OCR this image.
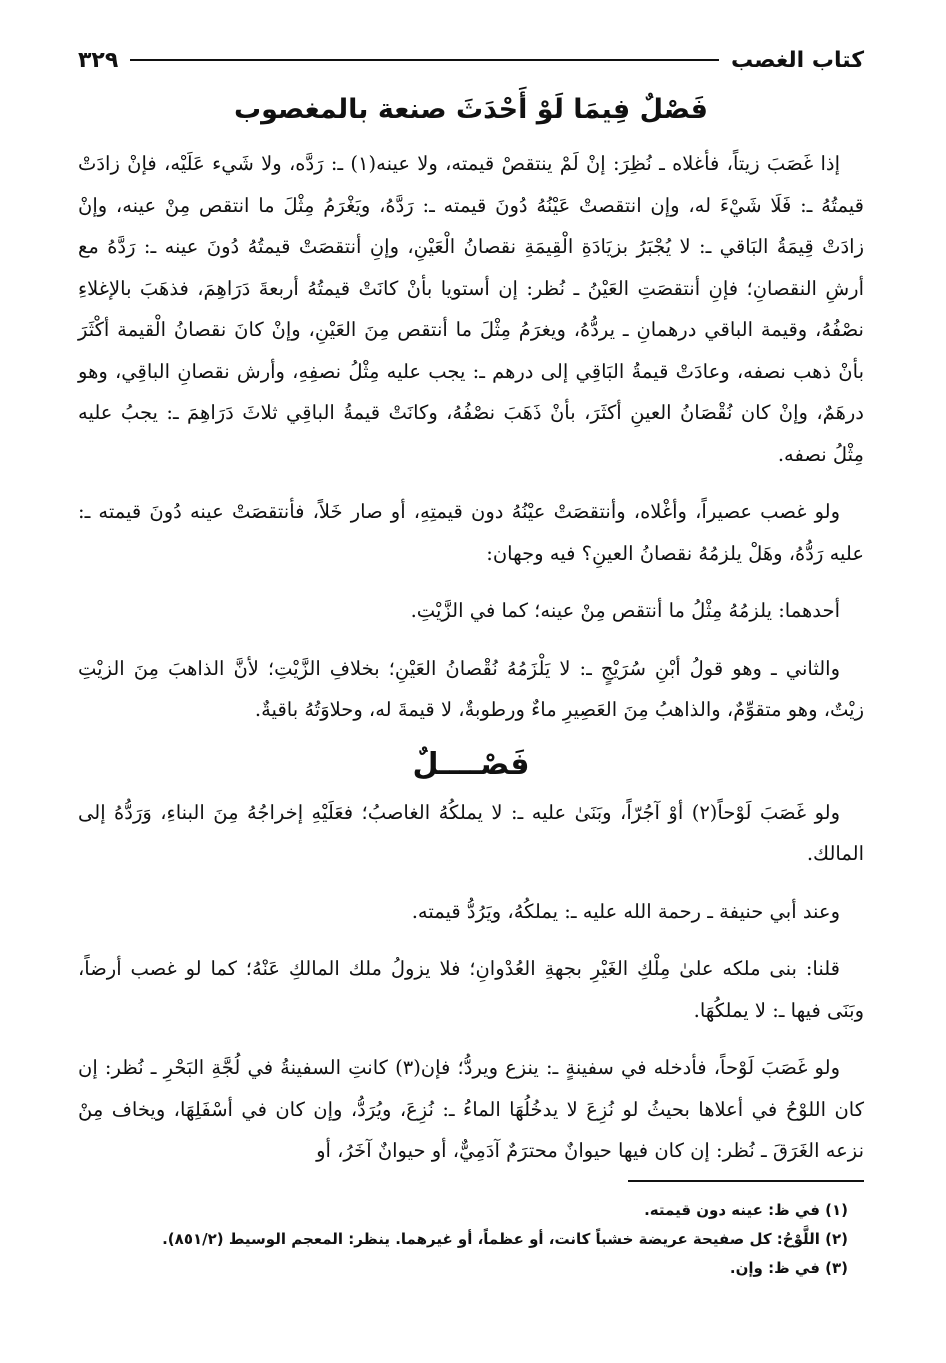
كتاب الغصب
٣٢٩
فَصْلٌ فِيمَا لَوْ أَحْدَثَ صنعة بالمغصوب

إذا غَصَبَ زيتاً، فأغلاه ـ نُظِرَ: إنْ لَمْ ينتقصْ قيمته، ولا عينه(١) ـ: رَدَّه، ولا شَيء عَلَيْه، فإنْ زادَتْ قيمتُهُ ـ: فَلَا شَيْءَ له، وإن انتقصتْ عَيْنُهُ دُونَ قيمته ـ: رَدَّهُ، ويَغْرَمُ مِثْلَ ما انتقص مِنْ عينه، وإنْ زادَتْ قِيمَةُ البَاقي ـ: لا يُجْبَرُ بزيَادَةِ الْقِيمَةِ نقصانُ الْعَيْنِ، وإنِ أنتقصَتْ قيمتُهُ دُونَ عينه ـ: رَدَّهُ مع أرشِ النقصانِ؛ فإنِ أنتقصَتِ العَيْنُ ـ نُظر: إن أستويا بأنْ كانَتْ قيمتُهُ أربعةَ دَرَاهِمَ، فذهَبَ بالإغلاءِ نصْفُهُ، وقيمة الباقي درهمانِ ـ يردُّهُ، ويغرَمُ مِثْلَ ما أنتقص مِنَ العَيْنِ، وإنْ كانَ نقصانُ الْقيمة أكْثَرَ بأنْ ذهب نصفه، وعادَتْ قيمةُ البَاقِي إلى درهم ـ: يجب عليه مِثْلُ نصفِهِ، وأرش نقصانِ الباقِي، وهو درهَمٌ، وإنْ كان نُقْصَانُ العينِ أكثَرَ، بأنْ ذَهَبَ نصْفُهُ، وكانَتْ قيمةُ الباقِي ثلاثَ دَرَاهِمَ ـ: يجبُ عليه مِثْلُ نصفه.

ولو غصب عصيراً، وأغْلاه، وأنتقصَتْ عيْنُهُ دون قيمتِهِ، أو صار خَلاً، فأنتقصَتْ عينه دُونَ قيمته ـ: عليه رَدُّهُ، وهَلْ يلزمُهُ نقصانُ العينِ؟ فيه وجهان:

أحدهما: يلزمُهُ مِثْلُ ما أنتقص مِنْ عينه؛ كما في الزَّيْتِ.

والثاني ـ وهو قولُ أبْنِ سُرَيْجٍ ـ: لا يَلْزَمُهُ نُقْصانُ العَيْنِ؛ بخلافِ الزَّيْتِ؛ لأنَّ الذاهبَ مِنَ الزيْتِ زيْتٌ، وهو متقوِّمٌ، والذاهبُ مِنَ العَصِيرِ ماءٌ ورطوبةٌ، لا قيمةَ له، وحلاوَتُهُ باقيةٌ.

فَصْــــلٌ

ولو غَصَبَ لَوْحاً(٢) أوْ آجُرّاً، وبَنَىٰ عليه ـ: لا يملكُهُ الغاصبُ؛ فعَلَيْهِ إخراجُهُ مِنَ البناءِ، وَرَدُّهُ إلى المالك.

وعند أبي حنيفة ـ رحمة الله عليه ـ: يملكُهُ، ويَرُدُّ قيمته.

قلنا: بنى ملكه علىٰ مِلْكِ الغَيْرِ بجهةِ العُدْوانِ؛ فلا يزولُ ملك المالكِ عَنْهُ؛ كما لو غصب أرضاً، وبَنَى فيها ـ: لا يملكُهَا.

ولو غَصَبَ لَوْحاً، فأدخله في سفينةٍ ـ: ينزع ويردُّ؛ فإن(٣) كانتِ السفينةُ في لُجَّةِ البَحْرِ ـ نُظر: إن كان اللوْحُ في أعلاها بحيثُ لو نُزِعَ لا يدخُلُهَا الماءُ ـ: نُزِعَ، ويُرَدُّ، وإن كان في أسْفَلِهَا، ويخاف مِنْ نزعه الغَرَقَ ـ نُظر: إن كان فيها حيوانٌ محترَمٌ آدَمِيٌّ، أو حيوانٌ آخَرُ، أو

(١) في ظ: عينه دون قيمته.
(٢) اللَّوْحُ: كل صفيحة عريضة خشباً كانت، أو عظماً، أو غيرهما. ينظر: المعجم الوسيط (٨٥١/٢).
(٣) في ظ: وإن.
